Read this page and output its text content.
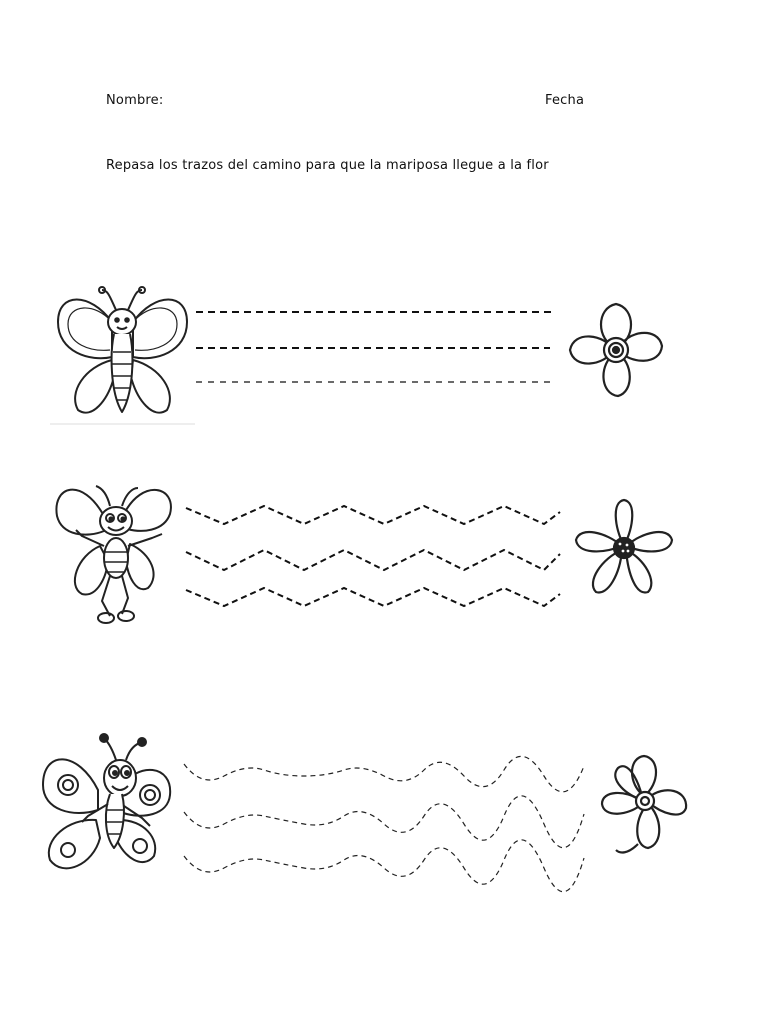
Nombre:	Fecha
Repasa los trazos del camino para que la mariposa llegue a la flor
